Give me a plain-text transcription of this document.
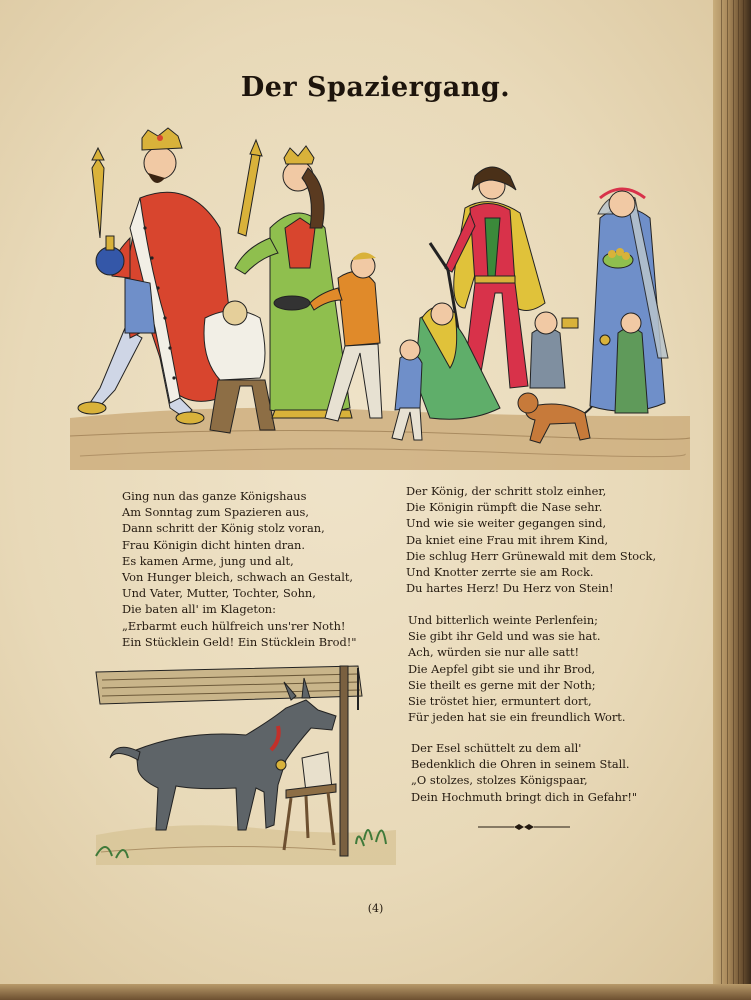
Der Spaziergang.
Ging nun das ganze Königshaus
Am Sonntag zum Spazieren aus,
Dann schritt der König stolz voran,
Frau Königin dicht hinten dran.
Es kamen Arme, jung und alt,
Von Hunger bleich, schwach an Gestalt,
Und Vater, Mutter, Tochter, Sohn,
Die baten all' im Klageton:
„Erbarmt euch hülfreich uns'rer Noth!
Ein Stücklein Geld! Ein Stücklein Brod!"
Der König, der schritt stolz einher,
Die Königin rümpft die Nase sehr.
Und wie sie weiter gegangen sind,
Da kniet eine Frau mit ihrem Kind,
Die schlug Herr Grünewald mit dem Stock,
Und Knotter zerrte sie am Rock.
Du hartes Herz! Du Herz von Stein!
Und bitterlich weinte Perlenfein;
Sie gibt ihr Geld und was sie hat.
Ach, würden sie nur alle satt!
Die Aepfel gibt sie und ihr Brod,
Sie theilt es gerne mit der Noth;
Sie tröstet hier, ermuntert dort,
Für jeden hat sie ein freundlich Wort.
Der Esel schüttelt zu dem all'
Bedenklich die Ohren in seinem Stall.
„O stolzes, stolzes Königspaar,
Dein Hochmuth bringt dich in Gefahr!"
(4)
